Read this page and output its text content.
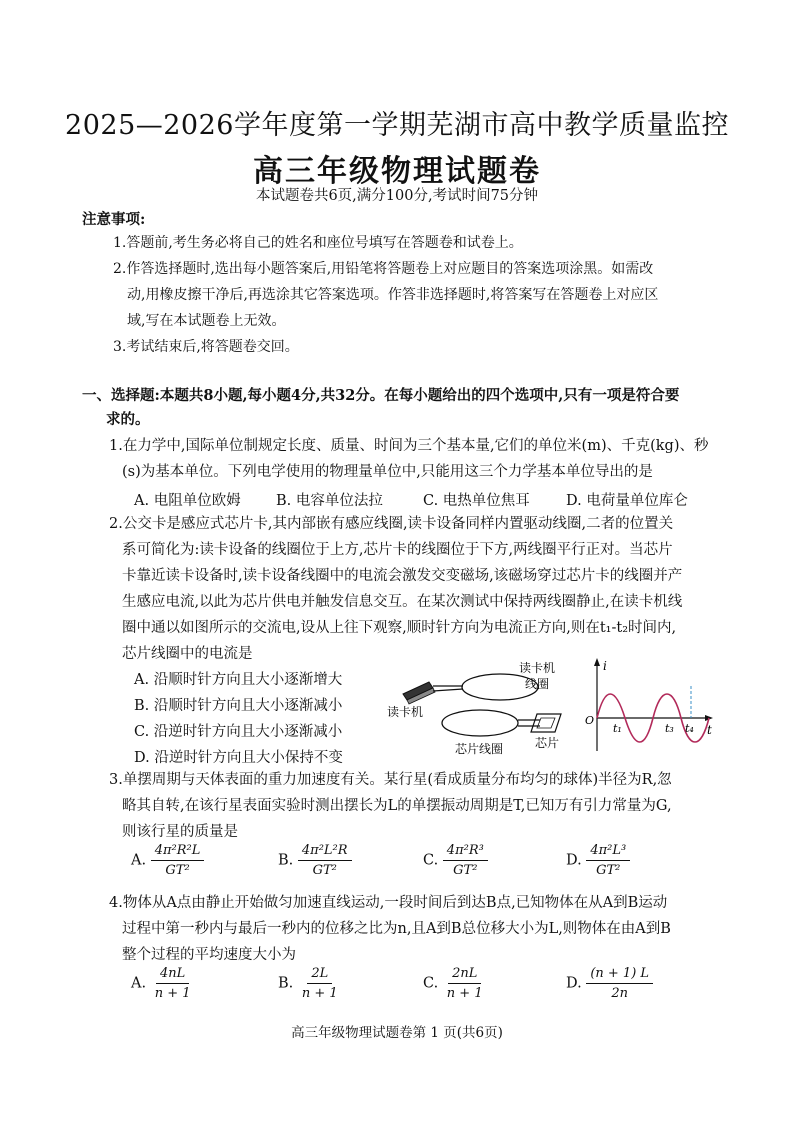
2025—2026学年度第一学期芜湖市高中教学质量监控
高三年级物理试题卷
本试题卷共6页,满分100分,考试时间75分钟
注意事项:
1.答题前,考生务必将自己的姓名和座位号填写在答题卷和试卷上。
2.作答选择题时,选出每小题答案后,用铅笔将答题卷上对应题目的答案选项涂黑。如需改
动,用橡皮擦干净后,再选涂其它答案选项。作答非选择题时,将答案写在答题卷上对应区
域,写在本试题卷上无效。
3.考试结束后,将答题卷交回。
一、选择题:本题共8小题,每小题4分,共32分。在每小题给出的四个选项中,只有一项是符合要
求的。
1.在力学中,国际单位制规定长度、质量、时间为三个基本量,它们的单位米(m)、千克(kg)、秒
(s)为基本单位。下列电学使用的物理量单位中,只能用这三个力学基本单位导出的是
A. 电阻单位欧姆 B. 电容单位法拉	C. 电热单位焦耳 D. 电荷量单位库仑
2.公交卡是感应式芯片卡,其内部嵌有感应线圈,读卡设备同样内置驱动线圈,二者的位置关
系可简化为:读卡设备的线圈位于上方,芯片卡的线圈位于下方,两线圈平行正对。当芯片
卡靠近读卡设备时,读卡设备线圈中的电流会激发交变磁场,该磁场穿过芯片卡的线圈并产
生感应电流,以此为芯片供电并触发信息交互。在某次测试中保持两线圈静止,在读卡机线
圈中通以如图所示的交流电,设从上往下观察,顺时针方向为电流正方向,则在t₁-t₂时间内,
芯片线圈中的电流是
A. 沿顺时针方向且大小逐渐增大
B. 沿顺时针方向且大小逐渐减小
C. 沿逆时针方向且大小逐渐减小
D. 沿逆时针方向且大小保持不变
读卡机
线圈
读卡机
芯片线圈	芯片
i
t
O
t₁	t₃ t₄
3.单摆周期与天体表面的重力加速度有关。某行星(看成质量分布均匀的球体)半径为R,忽
略其自转,在该行星表面实验时测出摆长为L的单摆振动周期是T,已知万有引力常量为G,
则该行星的质量是
A. $\frac{\text{4π²R²L}}{\text{GT²}}$	B. $\frac{\text{4π²L²R}}{\text{GT²}}$	C. $\frac{\text{4π²R³}}{\text{GT²}}$	D. $\frac{\text{4π²L³}}{\text{GT²}}$
4.物体从A点由静止开始做匀加速直线运动,一段时间后到达B点,已知物体在从A到B运动
过程中第一秒内与最后一秒内的位移之比为n,且A到B总位移大小为L,则物体在由A到B
整个过程的平均速度大小为
A. $\frac{4nL}{n + 1}$	B. $\frac{2L}{n + 1}$	C. $\frac{2nL}{n + 1}$	D. $\frac{(n + 1) L}{2n}$
高三年级物理试题卷第 1 页(共6页)
